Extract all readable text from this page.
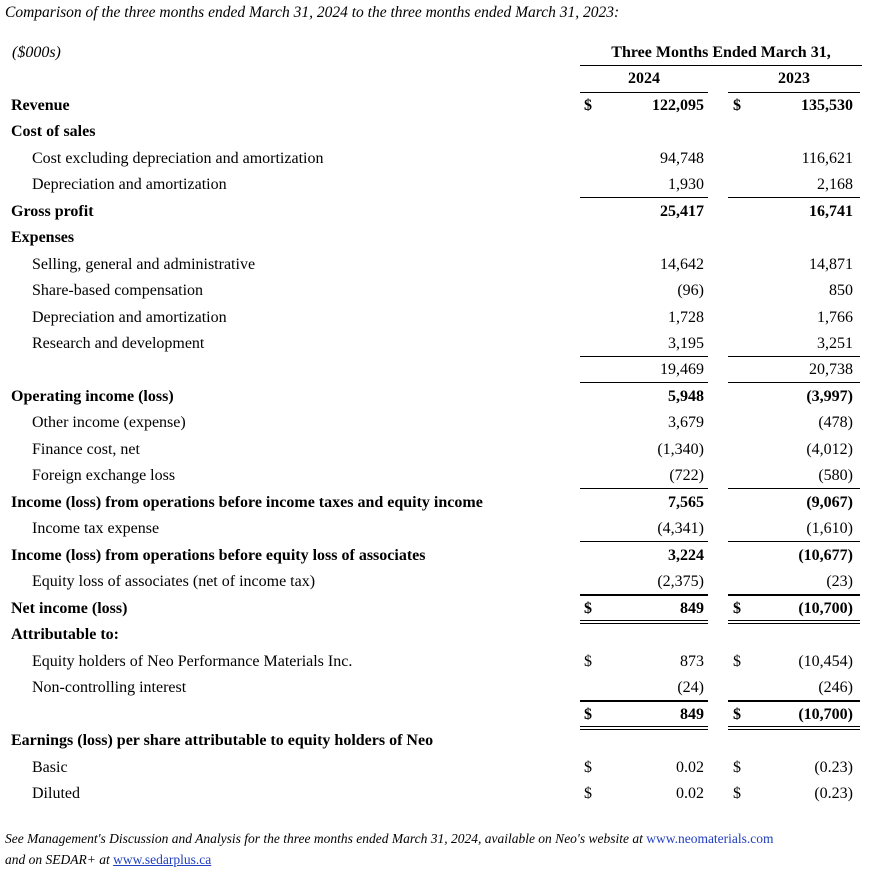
Comparison of the three months ended March 31, 2024 to the three months ended March 31, 2023:
($000s)	Three Months Ended March 31,
2024	2023
Revenue	$	122,095 $	135,530
Cost of sales
Cost excluding depreciation and amortization	94,748	116,621
Depreciation and amortization	1,930	2,168
Gross profit	25,417	16,741
Expenses
Selling, general and administrative	14,642	14,871
Share-based compensation	(96)	850
Depreciation and amortization	1,728	1,766
Research and development	3,195	3,251
19,469	20,738
Operating income (loss)	5,948	(3,997)
Other income (expense)	3,679	(478)
Finance cost, net	(1,340)	(4,012)
Foreign exchange loss	(722)	(580)
Income (loss) from operations before income taxes and equity income	7,565	(9,067)
Income tax expense	(4,341)	(1,610)
Income (loss) from operations before equity loss of associates	3,224	(10,677)
Equity loss of associates (net of income tax)	(2,375)	(23)
Net income (loss)	$	849 $	(10,700)
Attributable to:
Equity holders of Neo Performance Materials Inc.	$	873 $	(10,454)
Non-controlling interest	(24)	(246)
$	849 $	(10,700)
Earnings (loss) per share attributable to equity holders of Neo
Basic	$	0.02 $	(0.23)
Diluted	$	0.02 $	(0.23)
See Management's Discussion and Analysis for the three months ended March 31, 2024, available on Neo's website at www.neomaterials.com
and on SEDAR+ at www.sedarplus.ca
